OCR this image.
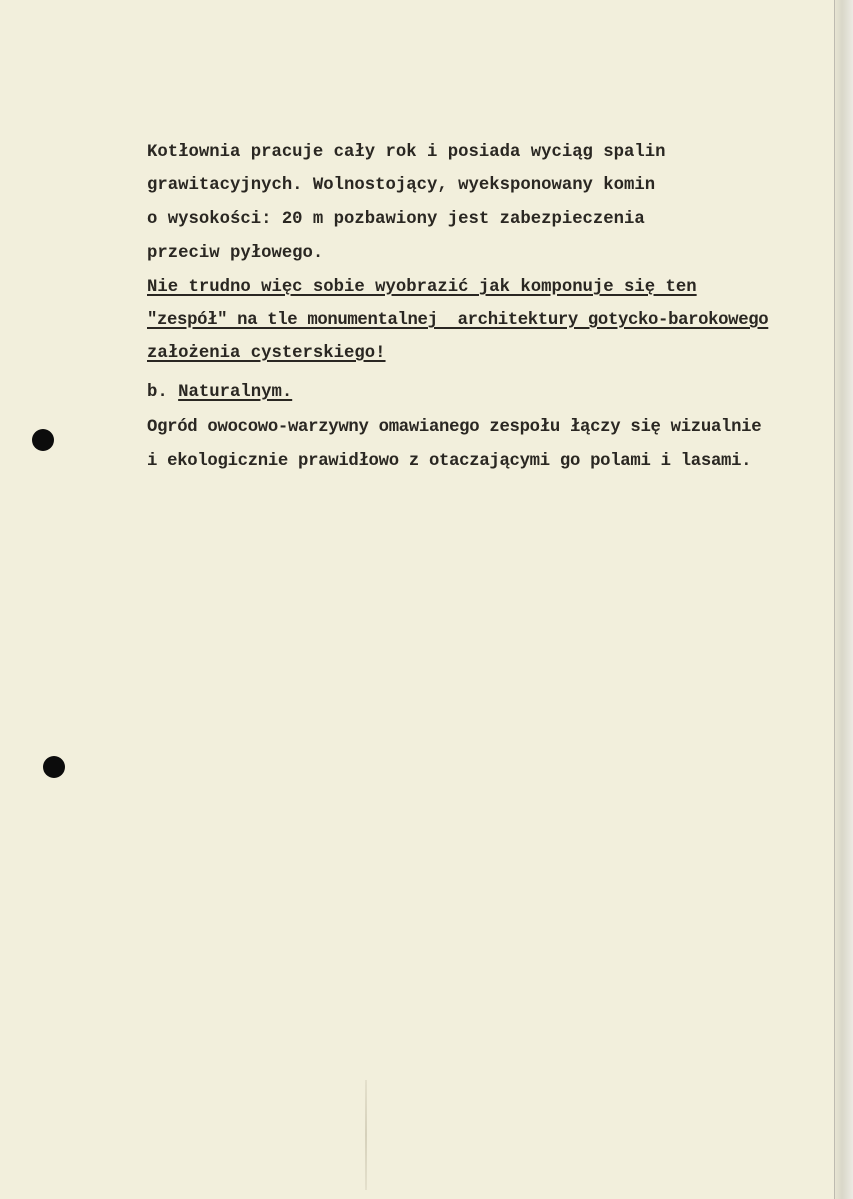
Kotłownia pracuje cały rok i posiada wyciąg spalin
grawitacyjnych. Wolnostojący, wyeksponowany komin
o wysokości: 20 m pozbawiony jest zabezpieczenia
przeciw pyłowego.
Nie trudno więc sobie wyobrazić jak komponuje się ten
"zespół" na tle monumentalnej  architektury gotycko-barokowego
założenia cysterskiego!
b. Naturalnym.
Ogród owocowo-warzywny omawianego zespołu łączy się wizualnie
i ekologicznie prawidłowo z otaczającymi go polami i lasami.
